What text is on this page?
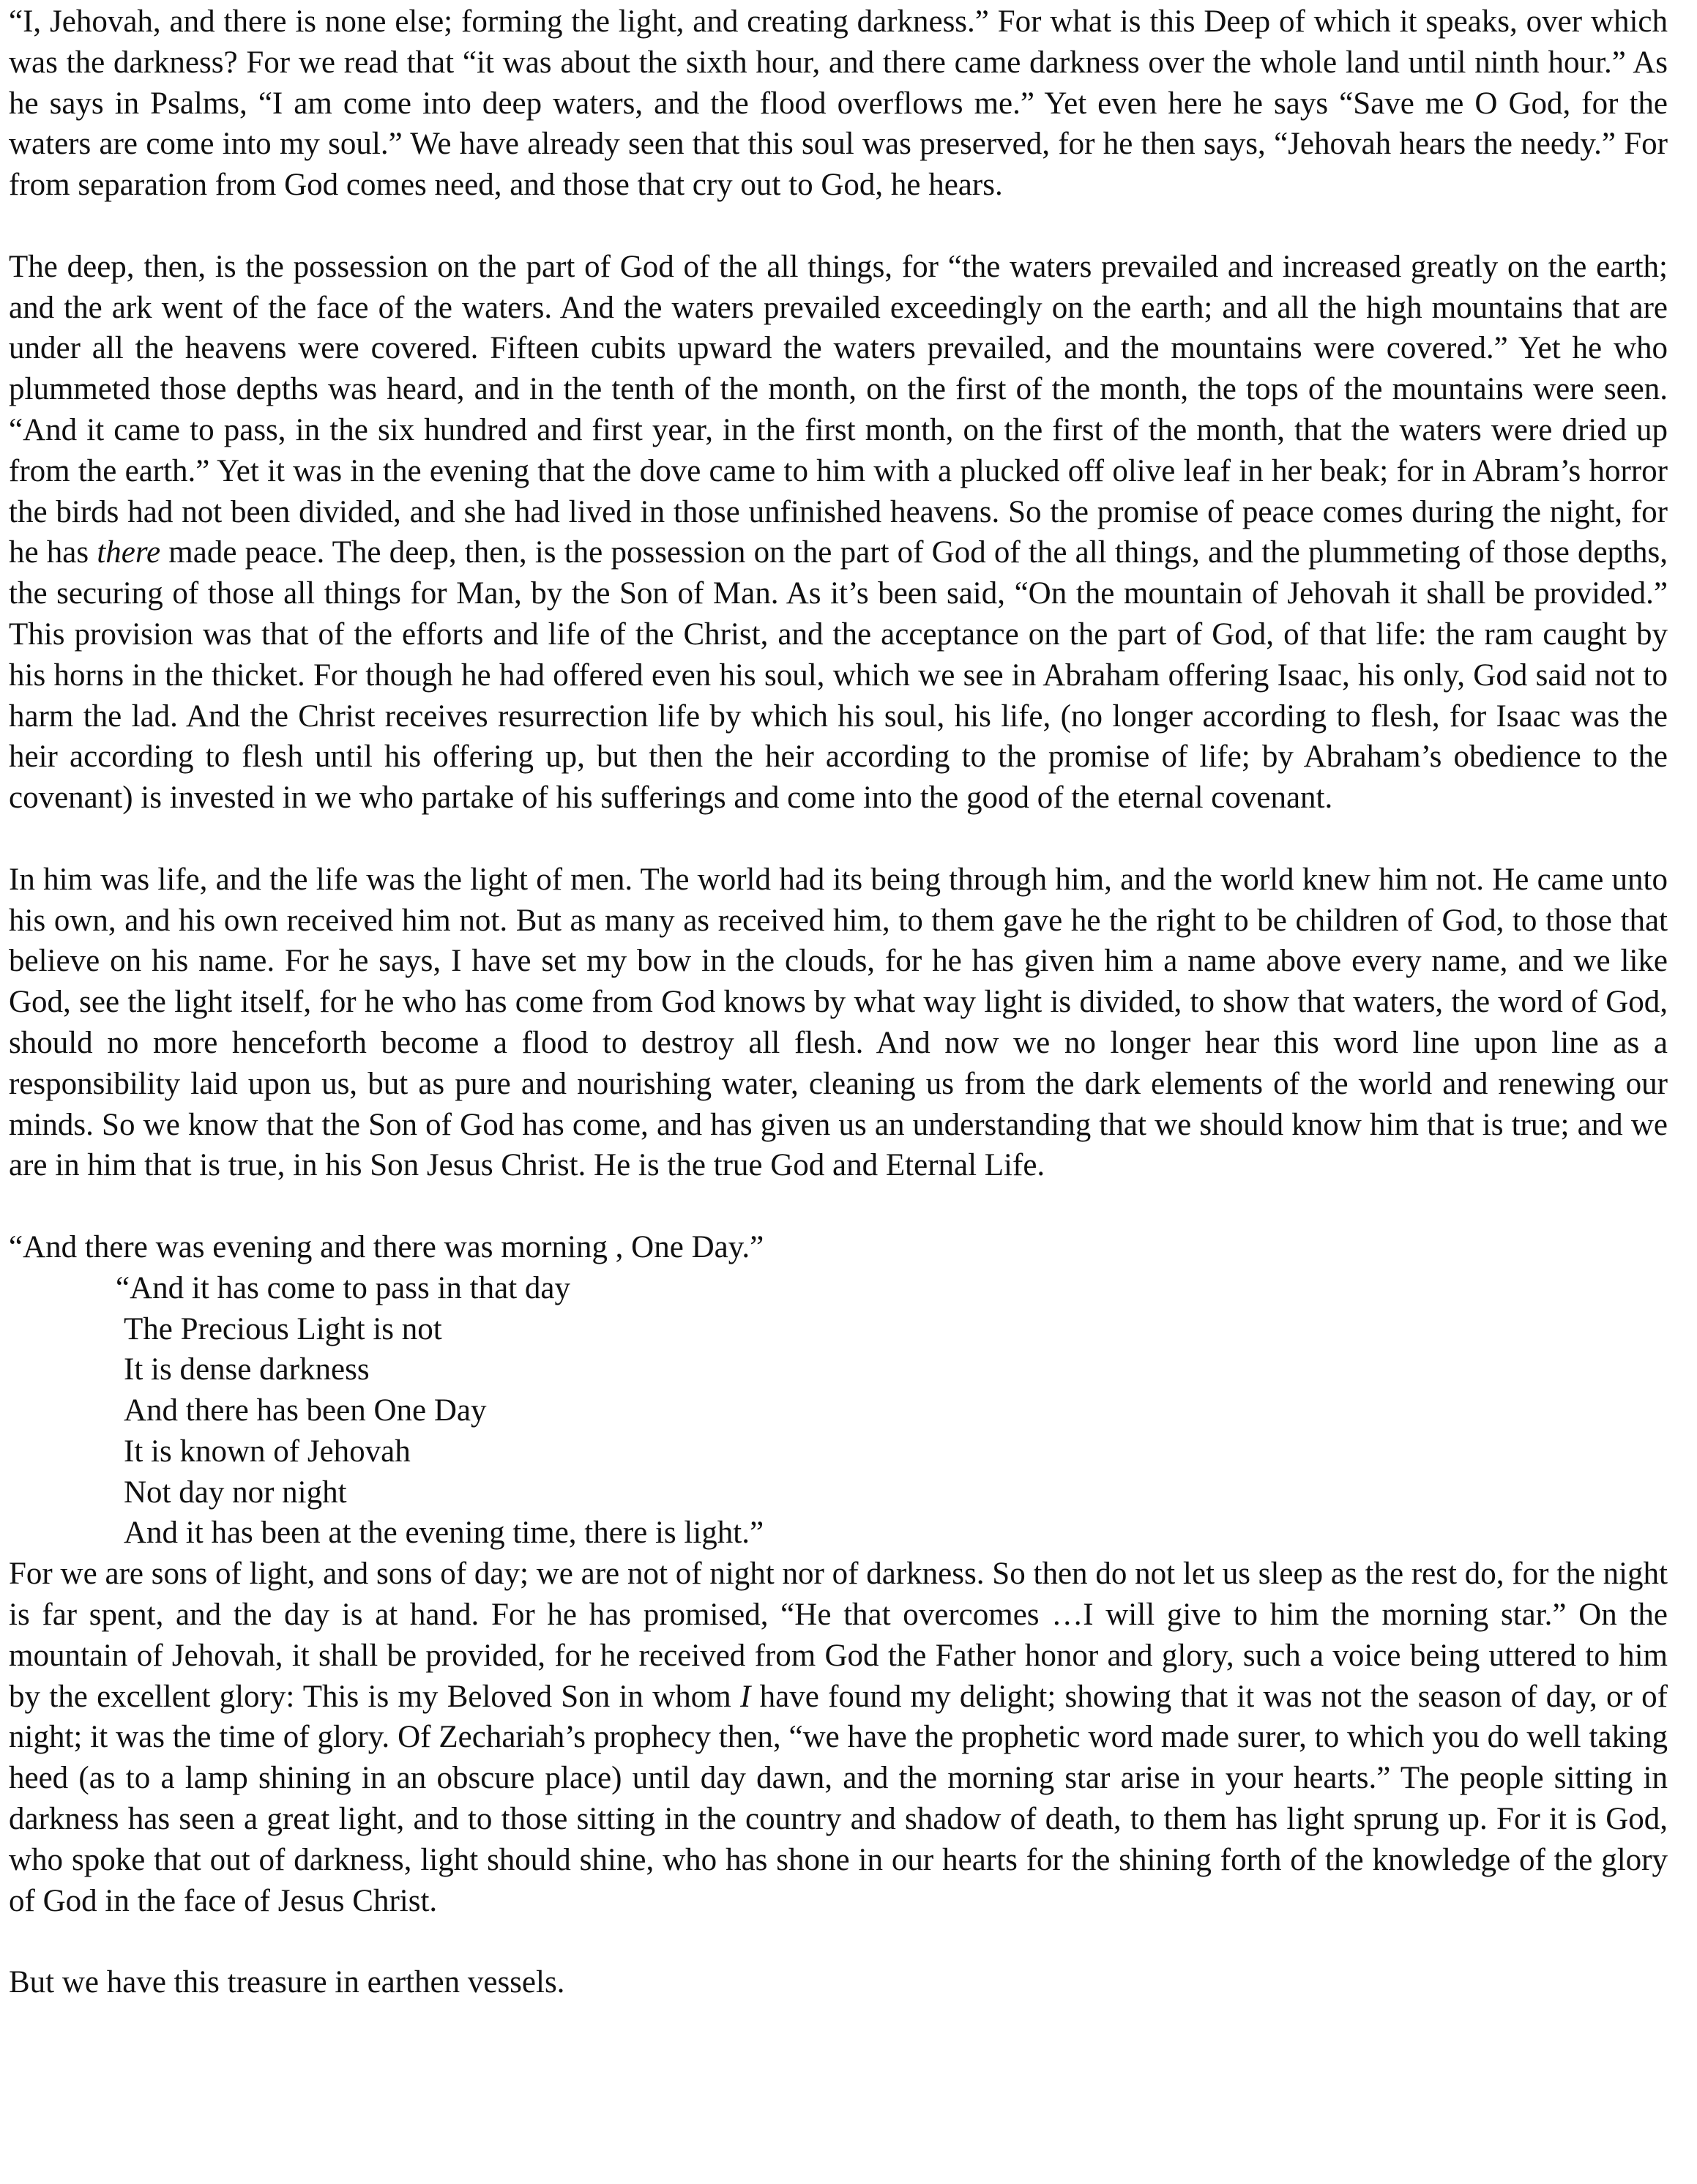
“I, Jehovah, and there is none else; forming the light, and creating darkness.” For what is this Deep of which it speaks, over which was the darkness? For we read that “it was about the sixth hour, and there came darkness over the whole land until ninth hour.” As he says in Psalms, “I am come into deep waters, and the flood overflows me.” Yet even here he says “Save me O God, for the waters are come into my soul.” We have already seen that this soul was preserved, for he then says, “Jehovah hears the needy.” For from separation from God comes need, and those that cry out to God, he hears.

The deep, then, is the possession on the part of God of the all things, for “the waters prevailed and increased greatly on the earth; and the ark went of the face of the waters. And the waters prevailed exceedingly on the earth; and all the high mountains that are under all the heavens were covered. Fifteen cubits upward the waters prevailed, and the mountains were covered.” Yet he who plummeted those depths was heard, and in the tenth of the month, on the first of the month, the tops of the mountains were seen. “And it came to pass, in the six hundred and first year, in the first month, on the first of the month, that the waters were dried up from the earth.” Yet it was in the evening that the dove came to him with a plucked off olive leaf in her beak; for in Abram’s horror the birds had not been divided, and she had lived in those unfinished heavens. So the promise of peace comes during the night, for he has there made peace. The deep, then, is the possession on the part of God of the all things, and the plummeting of those depths, the securing of those all things for Man, by the Son of Man. As it’s been said, “On the mountain of Jehovah it shall be provided.” This provision was that of the efforts and life of the Christ, and the acceptance on the part of God, of that life: the ram caught by his horns in the thicket. For though he had offered even his soul, which we see in Abraham offering Isaac, his only, God said not to harm the lad. And the Christ receives resurrection life by which his soul, his life, (no longer according to flesh, for Isaac was the heir according to flesh until his offering up, but then the heir according to the promise of life; by Abraham’s obedience to the covenant) is invested in we who partake of his sufferings and come into the good of the eternal covenant.

In him was life, and the life was the light of men. The world had its being through him, and the world knew him not. He came unto his own, and his own received him not. But as many as received him, to them gave he the right to be children of God, to those that believe on his name. For he says, I have set my bow in the clouds, for he has given him a name above every name, and we like God, see the light itself, for he who has come from God knows by what way light is divided, to show that waters, the word of God, should no more henceforth become a flood to destroy all flesh. And now we no longer hear this word line upon line as a responsibility laid upon us, but as pure and nourishing water, cleaning us from the dark elements of the world and renewing our minds. So we know that the Son of God has come, and has given us an understanding that we should know him that is true; and we are in him that is true, in his Son Jesus Christ. He is the true God and Eternal Life.

“And there was evening and there was morning , One Day.”

“And it has come to pass in that day

The Precious Light is not

It is dense darkness

And there has been One Day

It is known of Jehovah

Not day nor night

And it has been at the evening time, there is light.”

For we are sons of light, and sons of day; we are not of night nor of darkness. So then do not let us sleep as the rest do, for the night is far spent, and the day is at hand. For he has promised, “He that overcomes …I will give to him the morning star.” On the mountain of Jehovah, it shall be provided, for he received from God the Father honor and glory, such a voice being uttered to him by the excellent glory: This is my Beloved Son in whom I have found my delight; showing that it was not the season of day, or of night; it was the time of glory. Of Zechariah’s prophecy then, “we have the prophetic word made surer, to which you do well taking heed (as to a lamp shining in an obscure place) until day dawn, and the morning star arise in your hearts.” The people sitting in darkness has seen a great light, and to those sitting in the country and shadow of death, to them has light sprung up. For it is God, who spoke that out of darkness, light should shine, who has shone in our hearts for the shining forth of the knowledge of the glory of God in the face of Jesus Christ.

But we have this treasure in earthen vessels.
